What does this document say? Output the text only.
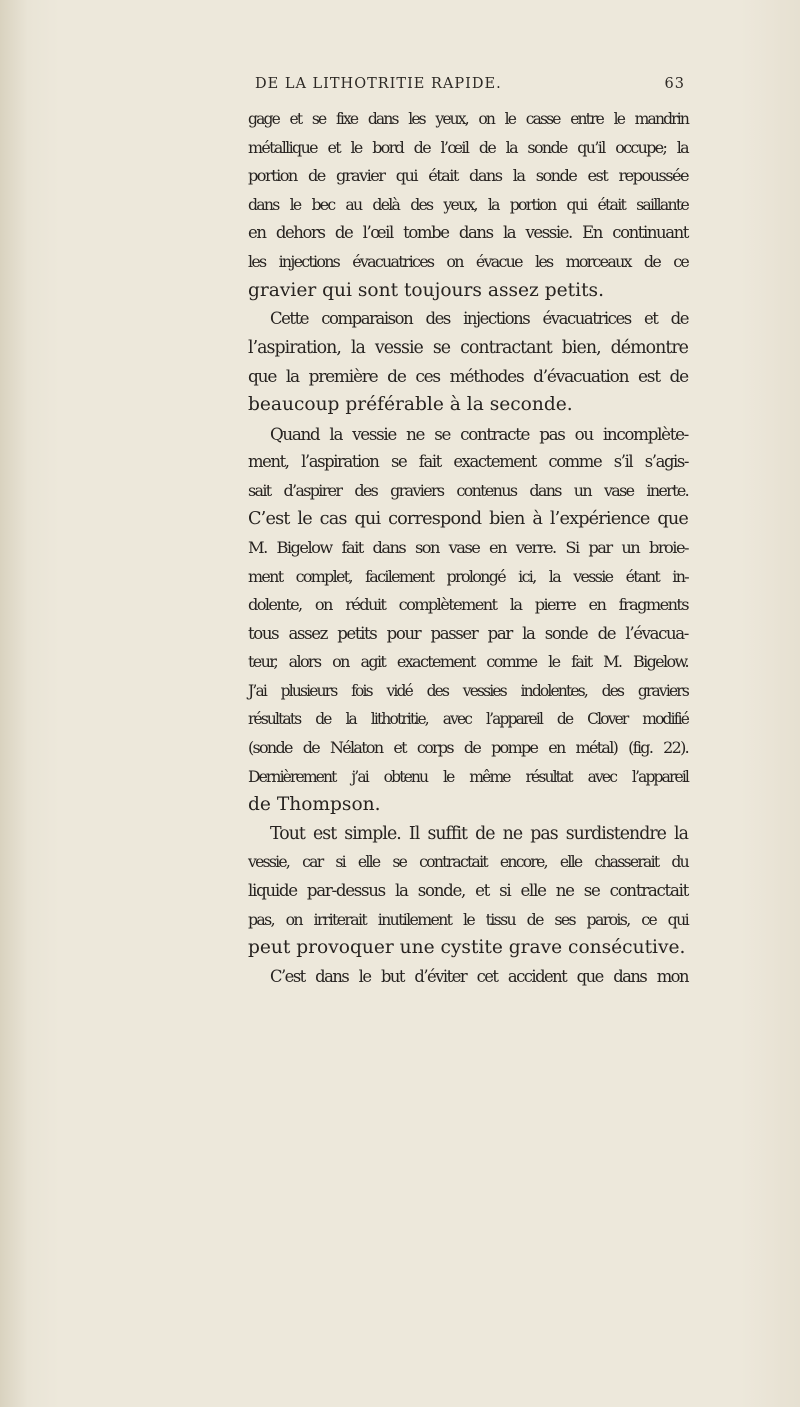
DE LA LITHOTRITIE RAPIDE.	63
gage et se fixe dans les yeux, on le casse entre le mandrin
métallique et le bord de l’œil de la sonde qu’il occupe; la
portion de gravier qui était dans la sonde est repoussée
dans le bec au delà des yeux, la portion qui était saillante
en dehors de l’œil tombe dans la vessie. En continuant
les injections évacuatrices on évacue les morceaux de ce
gravier qui sont toujours assez petits.
Cette comparaison des injections évacuatrices et de
l’aspiration, la vessie se contractant bien, démontre
que la première de ces méthodes d’évacuation est de
beaucoup préférable à la seconde.
Quand la vessie ne se contracte pas ou incomplète-
ment, l’aspiration se fait exactement comme s’il s’agis-
sait d’aspirer des graviers contenus dans un vase inerte.
C’est le cas qui correspond bien à l’expérience que
M. Bigelow fait dans son vase en verre. Si par un broie-
ment complet, facilement prolongé ici, la vessie étant in-
dolente, on réduit complètement la pierre en fragments
tous assez petits pour passer par la sonde de l’évacua-
teur, alors on agit exactement comme le fait M. Bigelow.
J’ai plusieurs fois vidé des vessies indolentes, des graviers
résultats de la lithotritie, avec l’appareil de Clover modifié
(sonde de Nélaton et corps de pompe en métal) (fig. 22).
Dernièrement j’ai obtenu le même résultat avec l’appareil
de Thompson.
Tout est simple. Il suffit de ne pas surdistendre la
vessie, car si elle se contractait encore, elle chasserait du
liquide par-dessus la sonde, et si elle ne se contractait
pas, on irriterait inutilement le tissu de ses parois, ce qui
peut provoquer une cystite grave consécutive.
C’est dans le but d’éviter cet accident que dans mon
